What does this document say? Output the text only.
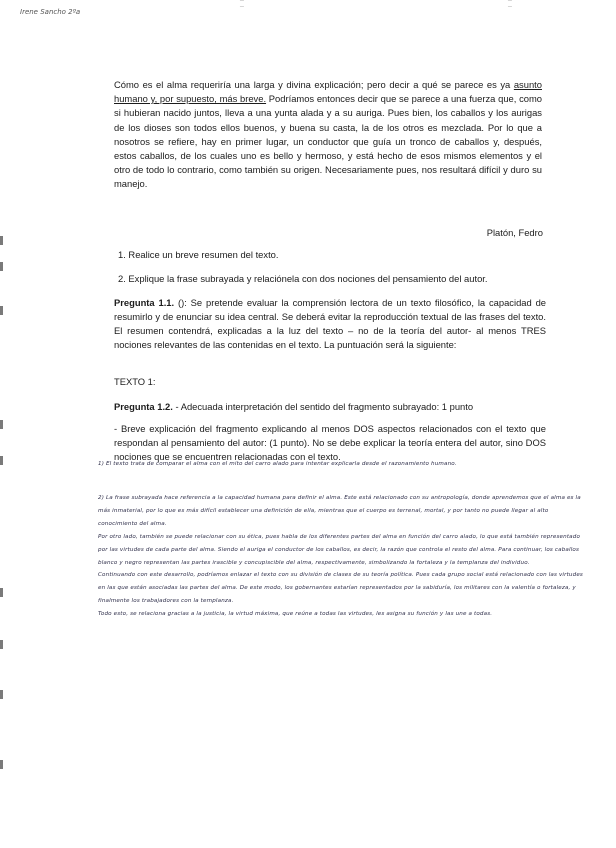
Irene Sancho 2ºa
¯
¯
¯
¯
Cómo es el alma requeriría una larga y divina explicación; pero decir a qué se parece es ya asunto humano y, por supuesto, más breve. Podríamos entonces decir que se parece a una fuerza que, como si hubieran nacido juntos, lleva a una yunta alada y a su auriga. Pues bien, los caballos y los aurigas de los dioses son todos ellos buenos, y buena su casta, la de los otros es mezclada. Por lo que a nosotros se refiere, hay en primer lugar, un conductor que guía un tronco de caballos y, después, estos caballos, de los cuales uno es bello y hermoso, y está hecho de esos mismos elementos y el otro de todo lo contrario, como también su origen. Necesariamente pues, nos resultará difícil y duro su manejo.
Platón, Fedro
1. Realice un breve resumen del texto.
2. Explique la frase subrayada y relaciónela con dos nociones del pensamiento del autor.
Pregunta 1.1. (): Se pretende evaluar la comprensión lectora de un texto filosófico, la capacidad de resumirlo y de enunciar su idea central. Se deberá evitar la reproducción textual de las frases del texto. El resumen contendrá, explicadas a la luz del texto – no de la teoría del autor- al menos TRES nociones relevantes de las contenidas en el texto. La puntuación será la siguiente:
TEXTO 1:
Pregunta 1.2. - Adecuada interpretación del sentido del fragmento subrayado: 1 punto
- Breve explicación del fragmento explicando al menos DOS aspectos relacionados con el texto que respondan al pensamiento del autor: (1 punto). No se debe explicar la teoría entera del autor, sino DOS nociones que se encuentren relacionadas con el texto.

1) El texto trata de comparar el alma con el mito del carro alado para intentar explicarla desde el razonamiento humano.

2) La frase subrayada hace referencia a la capacidad humana para definir el alma. Este está relacionado con su antropología, donde aprendemos que el alma es la más inmaterial, por lo que es más difícil establecer una definición de ella, mientras que el cuerpo es terrenal, mortal, y por tanto no puede llegar al alto conocimiento del alma.

Por otro lado, también se puede relacionar con su ética, pues habla de los diferentes partes del alma en función del carro alado, lo que está también representado por las virtudes de cada parte del alma. Siendo el auriga el conductor de los caballos, es decir, la razón que controla el resto del alma. Para continuar, los caballos blanco y negro representan las partes irascible y concupiscible del alma, respectivamente, simbolizando la fortaleza y la templanza del individuo.

Continuando con este desarrollo, podríamos enlazar el texto con su división de clases de su teoría política. Pues cada grupo social está relacionado con las virtudes en las que están asociadas las partes del alma. De este modo, los gobernantes estarían representados por la sabiduría, los militares con la valentía o fortaleza, y finalmente los trabajadores con la templanza.

Todo esto, se relaciona gracias a la justicia, la virtud máxima, que reúne a todas las virtudes, les asigna su función y las une a todas.
